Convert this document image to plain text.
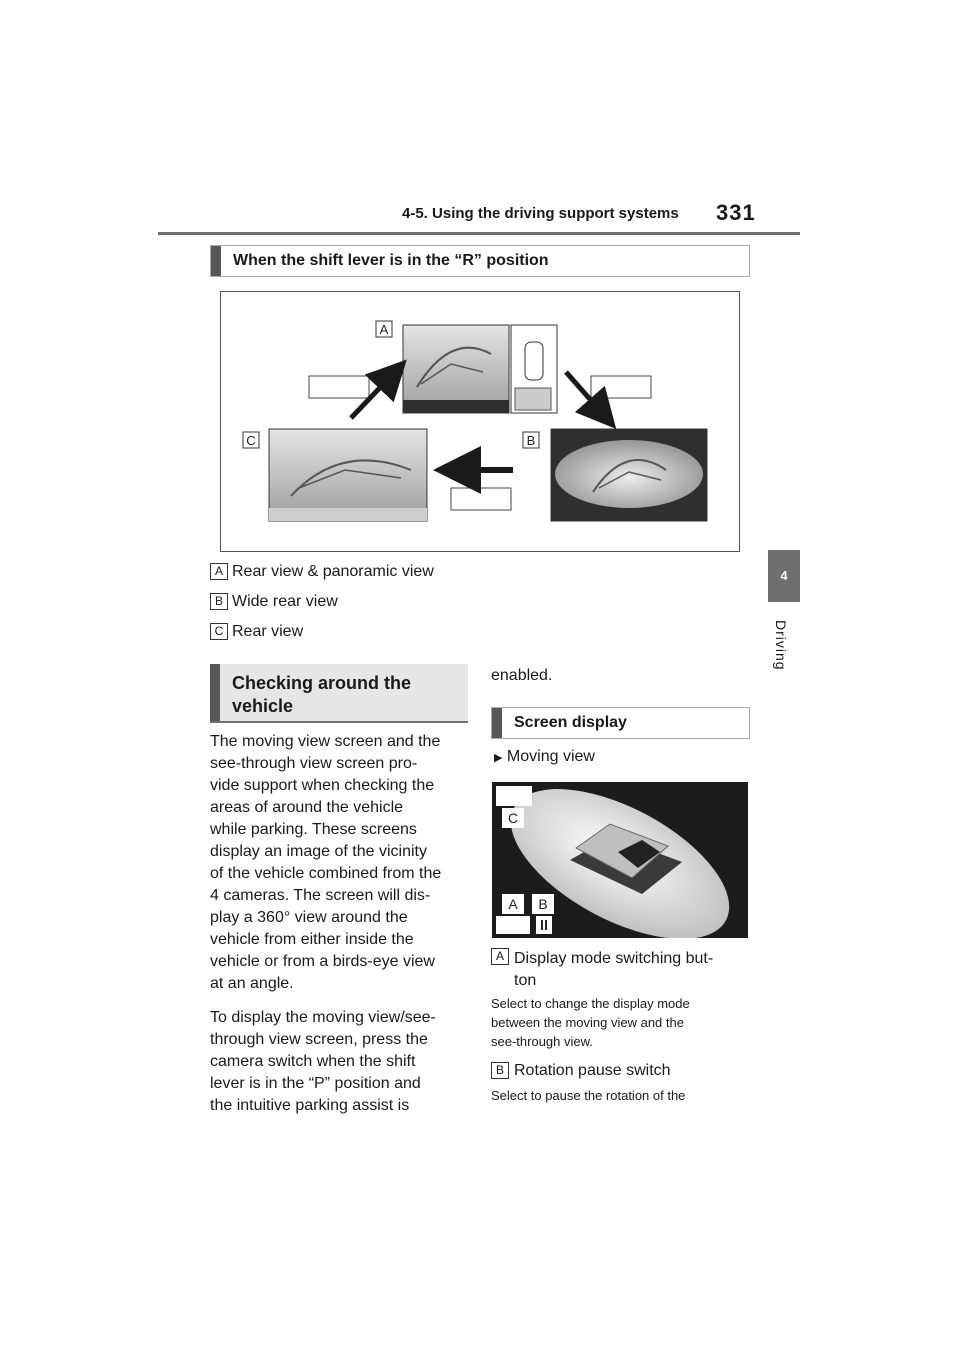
4-5. Using the driving support systems 331
4
Driving
When the shift lever is in the “R” position
A
B
C
A Rear view & panoramic view
B Wide rear view
C Rear view
Checking around the
vehicle

The moving view screen and the
see-through view screen pro-
vide support when checking the
areas of around the vehicle
while parking. These screens
display an image of the vicinity
of the vehicle combined from the
4 cameras. The screen will dis-
play a 360° view around the
vehicle from either inside the
vehicle or from a birds-eye view
at an angle.

To display the moving view/see-
through view screen, press the
camera switch when the shift
lever is in the “P” position and
the intuitive parking assist is

enabled.
Screen display
▶ Moving view
C
A B
A Display mode switching but-
ton
Select to change the display mode
between the moving view and the
see-through view.
B Rotation pause switch
Select to pause the rotation of the
